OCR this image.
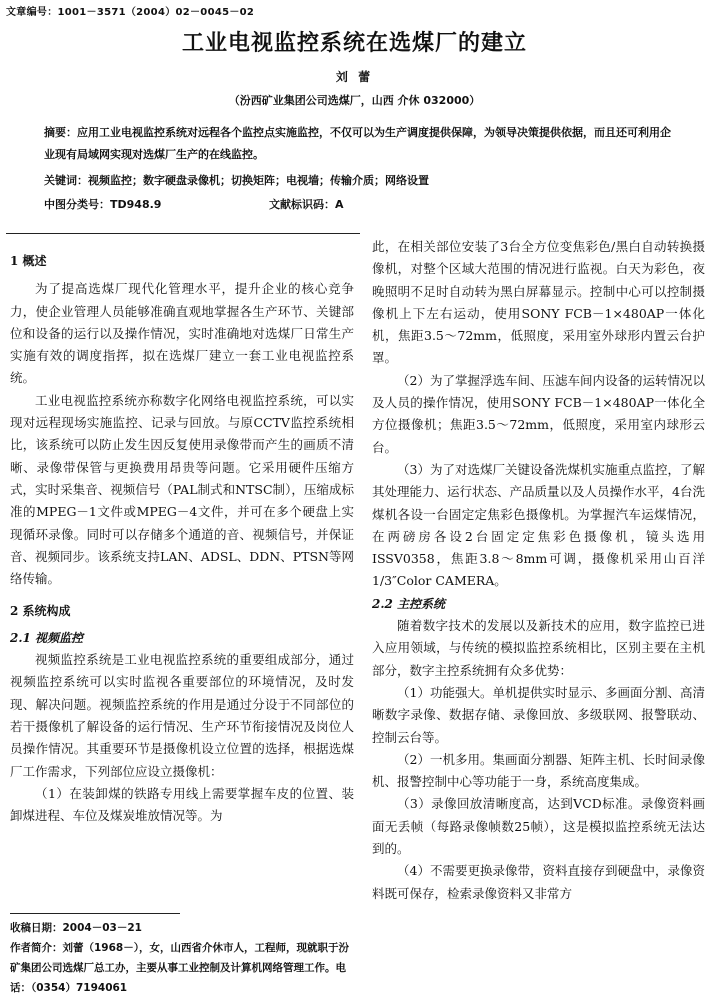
文章编号：1001－3571（2004）02－0045－02
工业电视监控系统在选煤厂的建立
刘 蕾
（汾西矿业集团公司选煤厂，山西 介休 032000）
摘要：应用工业电视监控系统对远程各个监控点实施监控，不仅可以为生产调度提供保障，为领导决策提供依据，而且还可利用企业现有局域网实现对选煤厂生产的在线监控。
关键词：视频监控；数字硬盘录像机；切换矩阵；电视墙；传输介质；网络设置
中图分类号：TD948.9	文献标识码：A
1 概述

为了提高选煤厂现代化管理水平，提升企业的核心竞争力，使企业管理人员能够准确直观地掌握各生产环节、关键部位和设备的运行以及操作情况，实时准确地对选煤厂日常生产实施有效的调度指挥，拟在选煤厂建立一套工业电视监控系统。

工业电视监控系统亦称数字化网络电视监控系统，可以实现对远程现场实施监控、记录与回放。与原CCTV监控系统相比，该系统可以防止发生因反复使用录像带而产生的画质不清晰、录像带保管与更换费用昂贵等问题。它采用硬件压缩方式，实时采集音、视频信号（PAL制式和NTSC制），压缩成标准的MPEG－1文件或MPEG－4文件，并可在多个硬盘上实现循环录像。同时可以存储多个通道的音、视频信号，并保证音、视频同步。该系统支持LAN、ADSL、DDN、PTSN等网络传输。

2 系统构成
2.1 视频监控

视频监控系统是工业电视监控系统的重要组成部分，通过视频监控系统可以实时监视各重要部位的环境情况，及时发现、解决问题。视频监控系统的作用是通过分设于不同部位的若干摄像机了解设备的运行情况、生产环节衔接情况及岗位人员操作情况。其重要环节是摄像机设立位置的选择，根据选煤厂工作需求，下列部位应设立摄像机：

（1）在装卸煤的铁路专用线上需要掌握车皮的位置、装卸煤进程、车位及煤炭堆放情况等。为

收稿日期：2004－03－21

作者简介：刘蕾（1968－），女，山西省介休市人，工程师，现就职于汾矿集团公司选煤厂总工办，主要从事工业控制及计算机网络管理工作。电话：（0354）7194061

此，在相关部位安装了3台全方位变焦彩色/黑白自动转换摄像机，对整个区域大范围的情况进行监视。白天为彩色，夜晚照明不足时自动转为黑白屏幕显示。控制中心可以控制摄像机上下左右运动，使用SONY FCB－1×480AP一体化机，焦距3.5～72mm，低照度，采用室外球形内置云台护罩。

（2）为了掌握浮选车间、压滤车间内设备的运转情况以及人员的操作情况，使用SONY FCB－1×480AP一体化全方位摄像机；焦距3.5～72mm，低照度，采用室内球形云台。

（3）为了对选煤厂关键设备洗煤机实施重点监控，了解其处理能力、运行状态、产品质量以及人员操作水平，4台洗煤机各设一台固定定焦彩色摄像机。为掌握汽车运煤情况，在两磅房各设2台固定定焦彩色摄像机，镜头选用ISSV0358，焦距3.8～8mm可调，摄像机采用山百洋1/3″Color CAMERA。

2.2 主控系统

随着数字技术的发展以及新技术的应用，数字监控已进入应用领域，与传统的模拟监控系统相比，区别主要在主机部分，数字主控系统拥有众多优势：

（1）功能强大。单机提供实时显示、多画面分割、高清晰数字录像、数据存储、录像回放、多级联网、报警联动、控制云台等。

（2）一机多用。集画面分割器、矩阵主机、长时间录像机、报警控制中心等功能于一身，系统高度集成。

（3）录像回放清晰度高，达到VCD标准。录像资料画面无丢帧（每路录像帧数25帧），这是模拟监控系统无法达到的。

（4）不需要更换录像带，资料直接存到硬盘中，录像资料既可保存，检索录像资料又非常方
